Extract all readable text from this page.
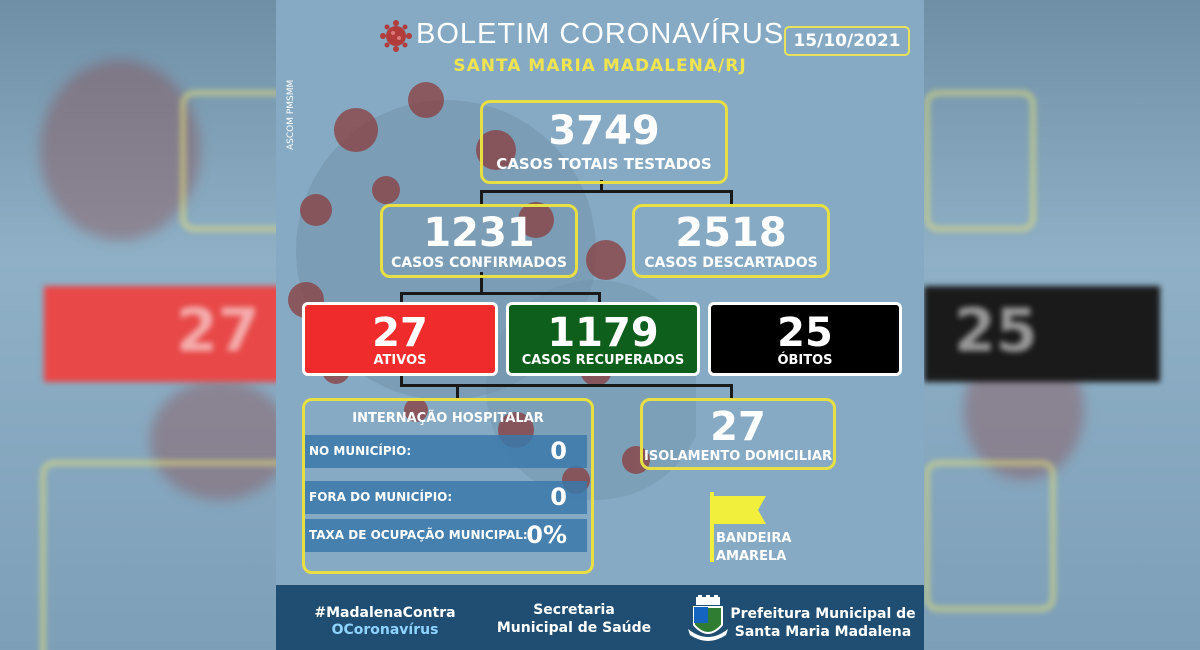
27	25
BOLETIM CORONAVÍRUS 15/10/2021
SANTA MARIA MADALENA/RJ
ASCOM PMSMM	3749
CASOS TOTAIS TESTADOS
1231
CASOS CONFIRMADOS
2518
CASOS DESCARTADOS
27
ATIVOS
1179
CASOS RECUPERADOS
25
ÓBITOS
INTERNAÇÃO HOSPITALAR
NO MUNICÍPIO:	0
FORA DO MUNICÍPIO:	0
TAXA DE OCUPAÇÃO MUNICIPAL:
0%
27
ISOLAMENTO DOMICILIAR
BANDEIRA
AMARELA
#MadalenaContra
OCoronavírus
Secretaria
Municipal de Saúde
Prefeitura Municipal de
Santa Maria Madalena
